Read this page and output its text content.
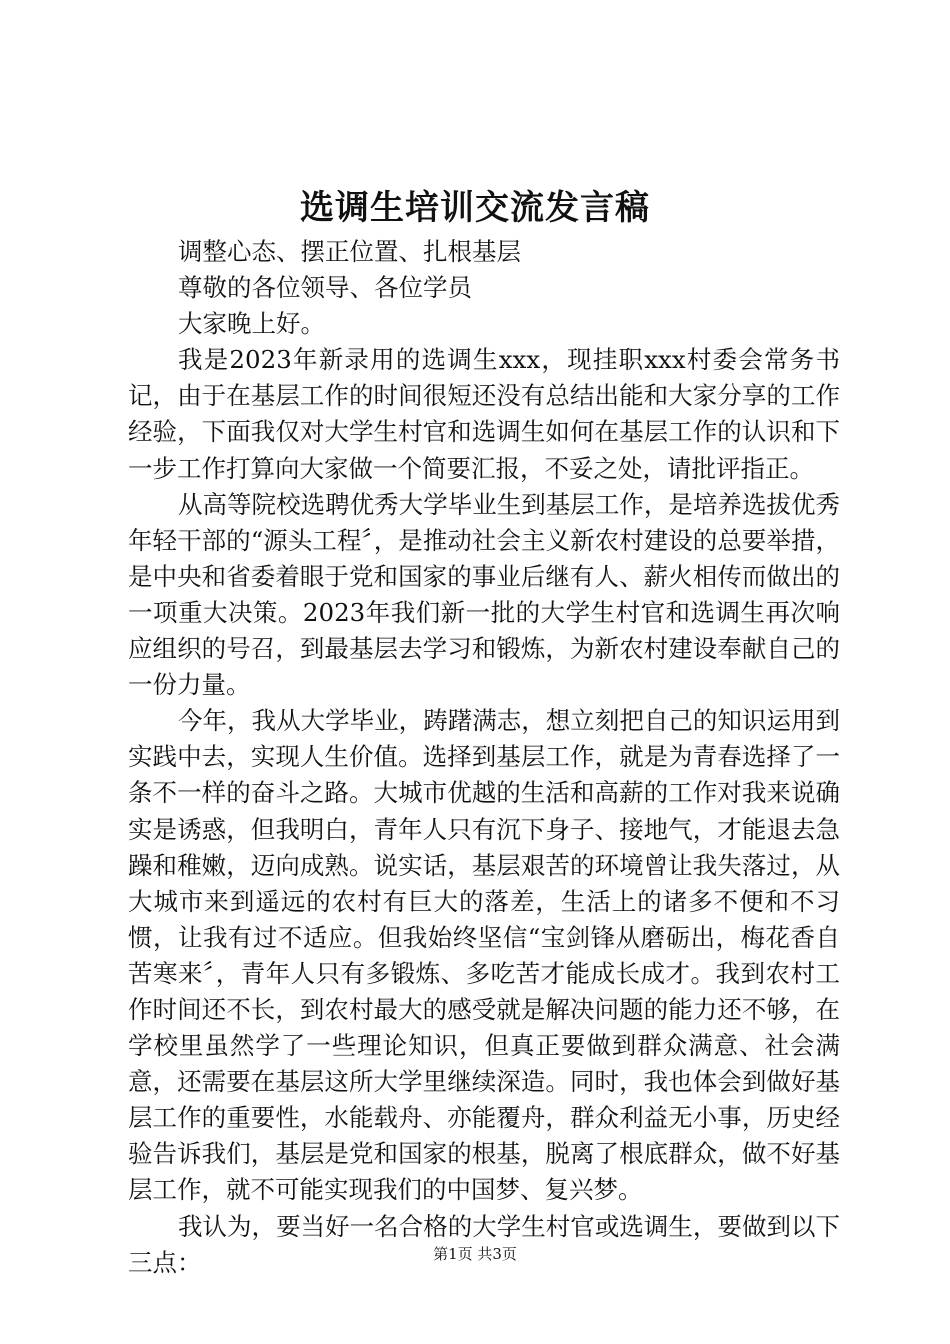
选调生培训交流发言稿

调整心态、摆正位置、扎根基层

尊敬的各位领导、各位学员

大家晚上好。

我是2023年新录用的选调生xxx，现挂职xxx村委会常务书记，由于在基层工作的时间很短还没有总结出能和大家分享的工作经验，下面我仅对大学生村官和选调生如何在基层工作的认识和下一步工作打算向大家做一个简要汇报，不妥之处，请批评指正。

从高等院校选聘优秀大学毕业生到基层工作，是培养选拔优秀年轻干部的“源头工程〞，是推动社会主义新农村建设的总要举措，是中央和省委着眼于党和国家的事业后继有人、薪火相传而做出的一项重大决策。2023年我们新一批的大学生村官和选调生再次响应组织的号召，到最基层去学习和锻炼，为新农村建设奉献自己的一份力量。

今年，我从大学毕业，踌躇满志，想立刻把自己的知识运用到实践中去，实现人生价值。选择到基层工作，就是为青春选择了一条不一样的奋斗之路。大城市优越的生活和高薪的工作对我来说确实是诱惑，但我明白，青年人只有沉下身子、接地气，才能退去急躁和稚嫩，迈向成熟。说实话，基层艰苦的环境曾让我失落过，从大城市来到遥远的农村有巨大的落差，生活上的诸多不便和不习惯，让我有过不适应。但我始终坚信“宝剑锋从磨砺出，梅花香自苦寒来〞，青年人只有多锻炼、多吃苦才能成长成才。我到农村工作时间还不长，到农村最大的感受就是解决问题的能力还不够，在学校里虽然学了一些理论知识，但真正要做到群众满意、社会满意，还需要在基层这所大学里继续深造。同时，我也体会到做好基层工作的重要性，水能载舟、亦能覆舟，群众利益无小事，历史经验告诉我们，基层是党和国家的根基，脱离了根底群众，做不好基层工作，就不可能实现我们的中国梦、复兴梦。

我认为，要当好一名合格的大学生村官或选调生，要做到以下三点：	第1页 共3页
